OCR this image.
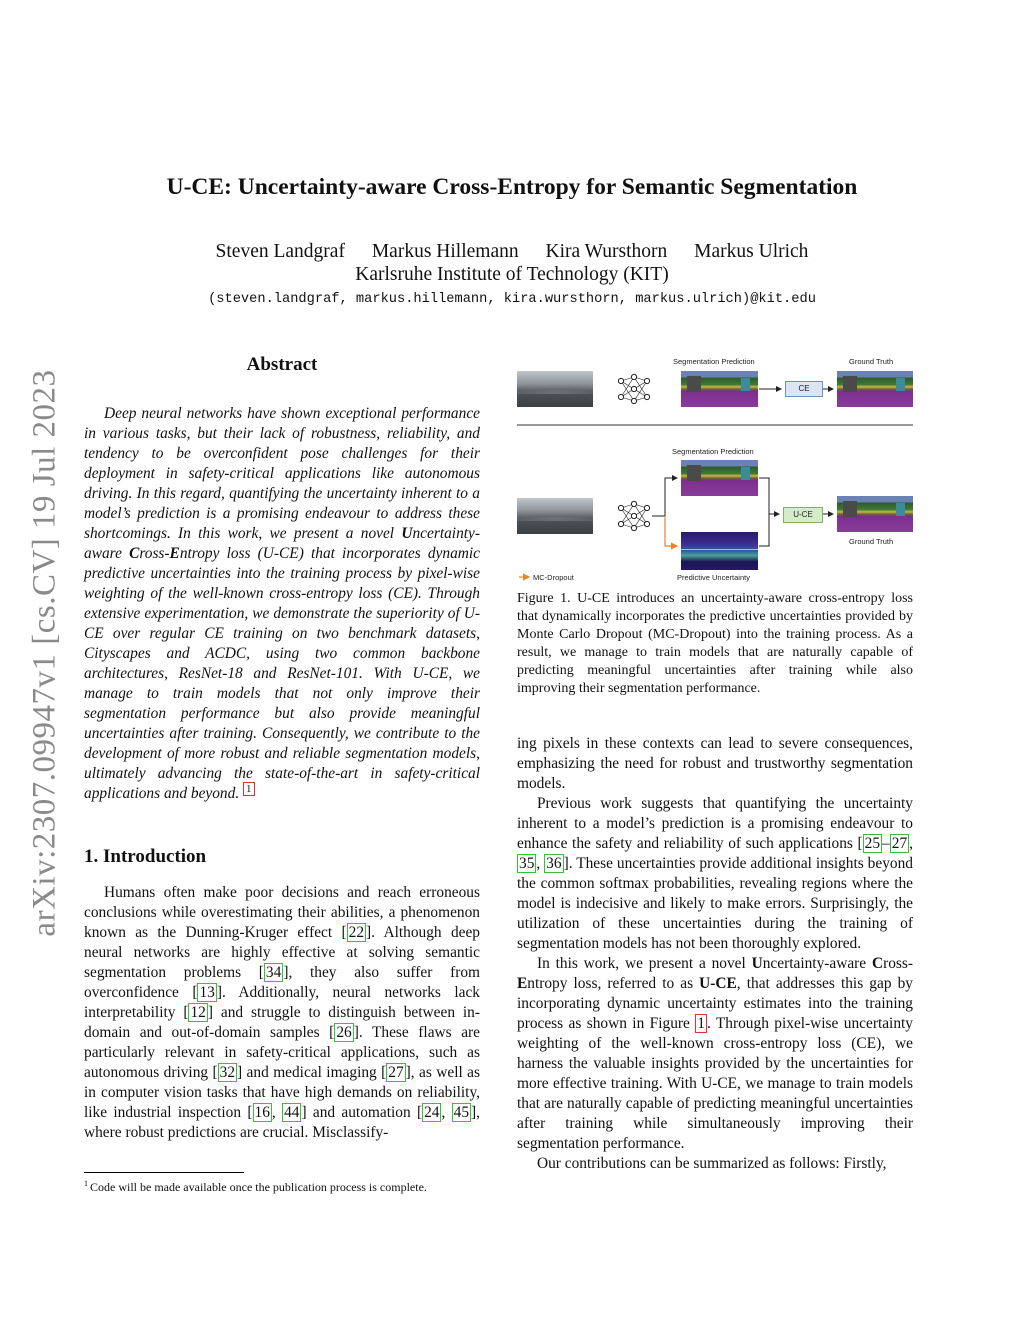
arXiv:2307.09947v1 [cs.CV] 19 Jul 2023
U-CE: Uncertainty-aware Cross-Entropy for Semantic Segmentation
Steven Landgraf Markus Hillemann Kira Wursthorn Markus Ulrich
Karlsruhe Institute of Technology (KIT)
(steven.landgraf, markus.hillemann, kira.wursthorn, markus.ulrich)@kit.edu
Abstract

Deep neural networks have shown exceptional performance in various tasks, but their lack of robustness, reliability, and tendency to be overconfident pose challenges for their deployment in safety-critical applications like autonomous driving. In this regard, quantifying the uncertainty inherent to a model’s prediction is a promising endeavour to address these shortcomings. In this work, we present a novel Uncertainty-aware Cross-Entropy loss (U-CE) that incorporates dynamic predictive uncertainties into the training process by pixel-wise weighting of the well-known cross-entropy loss (CE). Through extensive experimentation, we demonstrate the superiority of U-CE over regular CE training on two benchmark datasets, Cityscapes and ACDC, using two common backbone architectures, ResNet-18 and ResNet-101. With U-CE, we manage to train models that not only improve their segmentation performance but also provide meaningful uncertainties after training. Consequently, we contribute to the development of more robust and reliable segmentation models, ultimately advancing the state-of-the-art in safety-critical applications and beyond. $^1$

1. Introduction

Humans often make poor decisions and reach erroneous conclusions while overestimating their abilities, a phenomenon known as the Dunning-Kruger effect [ 22 ]. Although deep neural networks are highly effective at solving semantic segmentation problems [ 34 ], they also suffer from overconfidence [ 13 ]. Additionally, neural networks lack interpretability [ 12 ] and struggle to distinguish between in-domain and out-of-domain samples [ 26 ]. These flaws are particularly relevant in safety-critical applications, such as autonomous driving [ 32 ] and medical imaging [ 27 ], as well as in computer vision tasks that have high demands on reliability, like industrial inspection [ 16 , 44 ] and automation [ 24 , 45 ], where robust predictions are crucial. Misclassify-

$^1$ Code will be made available once the publication process is complete.
Segmentation Prediction
CE
Ground Truth
Segmentation Prediction
U-CE
Ground Truth
MC-Dropout	Predictive Uncertainty

Figure 1. U-CE introduces an uncertainty-aware cross-entropy loss that dynamically incorporates the predictive uncertainties provided by Monte Carlo Dropout (MC-Dropout) into the training process. As a result, we manage to train models that are naturally capable of predicting meaningful uncertainties after training while also improving their segmentation performance.

ing pixels in these contexts can lead to severe consequences, emphasizing the need for robust and trustworthy segmentation models.

Previous work suggests that quantifying the uncertainty inherent to a model’s prediction is a promising endeavour to enhance the safety and reliability of such applications [ 25 – 27 , 35 , 36 ]. These uncertainties provide additional insights beyond the common softmax probabilities, revealing regions where the model is indecisive and likely to make errors. Surprisingly, the utilization of these uncertainties during the training of segmentation models has not been thoroughly explored.

In this work, we present a novel Uncertainty-aware Cross-Entropy loss, referred to as U-CE, that addresses this gap by incorporating dynamic uncertainty estimates into the training process as shown in Figure 1 . Through pixel-wise uncertainty weighting of the well-known cross-entropy loss (CE), we harness the valuable insights provided by the uncertainties for more effective training. With U-CE, we manage to train models that are naturally capable of predicting meaningful uncertainties after training while simultaneously improving their segmentation performance.

Our contributions can be summarized as follows: Firstly,
